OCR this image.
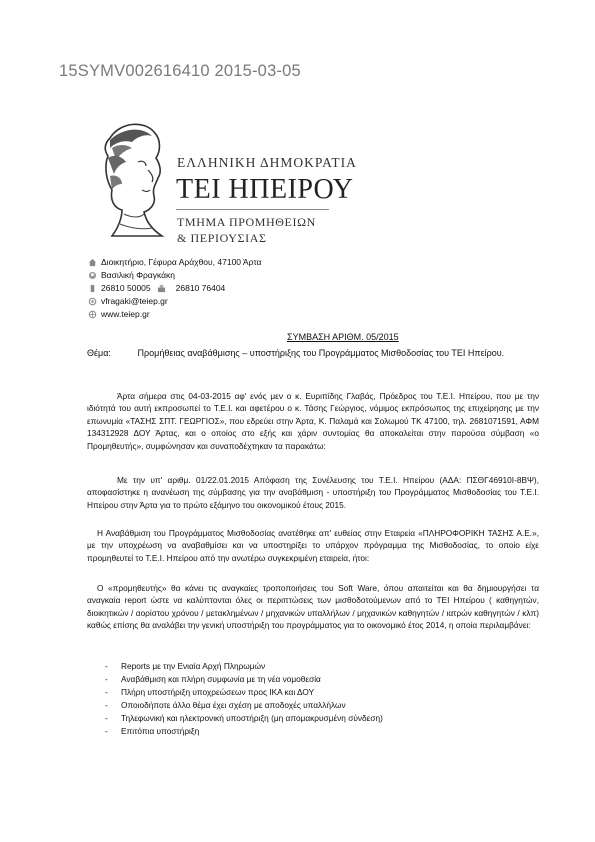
15SYMV002616410 2015-03-05
ΕΛΛΗΝΙΚΗ ΔΗΜΟΚΡΑΤΙΑ
ΤΕΙ ΗΠΕΙΡΟΥ
ΤΜΗΜΑ ΠΡΟΜΗΘΕΙΩΝ
& ΠΕΡΙΟΥΣΙΑΣ
Διοικητήριο, Γέφυρα Αράχθου, 47100 Άρτα
Βασιλική Φραγκάκη
26810 50005	26810 76404
vfragaki@teiep.gr
www.teiep.gr
ΣΥΜΒΑΣΗ ΑΡΙΘΜ. 05/2015
Θέμα:	Προμήθειας αναβάθμισης – υποστήριξης του Προγράμματος Μισθοδοσίας του ΤΕΙ Ηπείρου.

Άρτα σήμερα στις 04-03-2015 αφ' ενός μεν ο κ. Ευριπίδης Γλαβάς, Πρόεδρος του Τ.Ε.Ι. Ηπείρου, που με την ιδιότητά του αυτή εκπροσωπεί το Τ.Ε.Ι. και αφετέρου ο κ. Τάσης Γεώργιος, νόμιμος εκπρόσωπος της επιχείρησης με την επωνυμία «ΤΑΣΗΣ ΣΠΤ. ΓΕΩΡΓΙΟΣ», που εδρεύει στην Άρτα, Κ. Παλαμά και Σολωμού ΤΚ 47100, τηλ. 2681071591, ΑΦΜ 134312928 ΔΟΥ Άρτας, και ο οποίος στο εξής και χάριν συντομίας θα αποκαλείται στην παρούσα σύμβαση «ο Προμηθευτής», συμφώνησαν και συναποδέχτηκαν τα παρακάτω:

Με την υπ' αριθμ. 01/22.01.2015 Απόφαση της Συνέλευσης του Τ.Ε.Ι. Ηπείρου (ΑΔΑ: ΠΣΘΓ46910Ι-8ΒΨ), αποφασίστηκε η ανανέωση της σύμβασης για την αναβάθμιση - υποστήριξη του Προγράμματος Μισθοδοσίας του Τ.Ε.Ι. Ηπείρου στην Άρτα για το πρώτο εξάμηνο του οικονομικού έτους 2015.

Η Αναβάθμιση του Προγράμματος Μισθοδοσίας ανατέθηκε απ' ευθείας στην Εταιρεία «ΠΛΗΡΟΦΟΡΙΚΗ ΤΑΣΗΣ Α.Ε.», με την υποχρέωση να αναβαθμίσει και να υποστηρίξει το υπάρχον πρόγραμμα της Μισθοδοσίας, το οποίο είχε προμηθευτεί το Τ.Ε.Ι. Ηπείρου από την ανωτέρω συγκεκριμένη εταιρεία, ήτοι:

Ο «προμηθευτής» θα κάνει τις αναγκαίες τροποποιήσεις του Soft Ware, όπου απαιτείται και θα δημιουργήσει τα αναγκαία report ώστε να καλύπτονται όλες οι περιπτώσεις των μισθοδοτούμενων από το ΤΕΙ Ηπείρου ( καθηγητών, διοικητικών / αορίστου χρόνου / μετακλημένων / μηχανικών υπαλλήλων / μηχανικών καθηγητών / ιατρών καθηγητών / κλπ) καθώς επίσης θα αναλάβει την γενική υποστήριξη του προγράμματος για το οικονομικό έτος 2014, η οποία περιλαμβάνει:

-	Reports με την Ενιαία Αρχή Πληρωμών
-	Αναβάθμιση και πλήρη συμφωνία με τη νέα νομοθεσία
-	Πλήρη υποστήριξη υποχρεώσεων προς ΙΚΑ και ΔΟΥ
-	Οποιοδήποτε άλλο θέμα έχει σχέση με αποδοχές υπαλλήλων
-	Τηλεφωνική και ηλεκτρονική υποστήριξη (μη απομακρυσμένη σύνδεση)
-	Επιτόπια υποστήριξη
